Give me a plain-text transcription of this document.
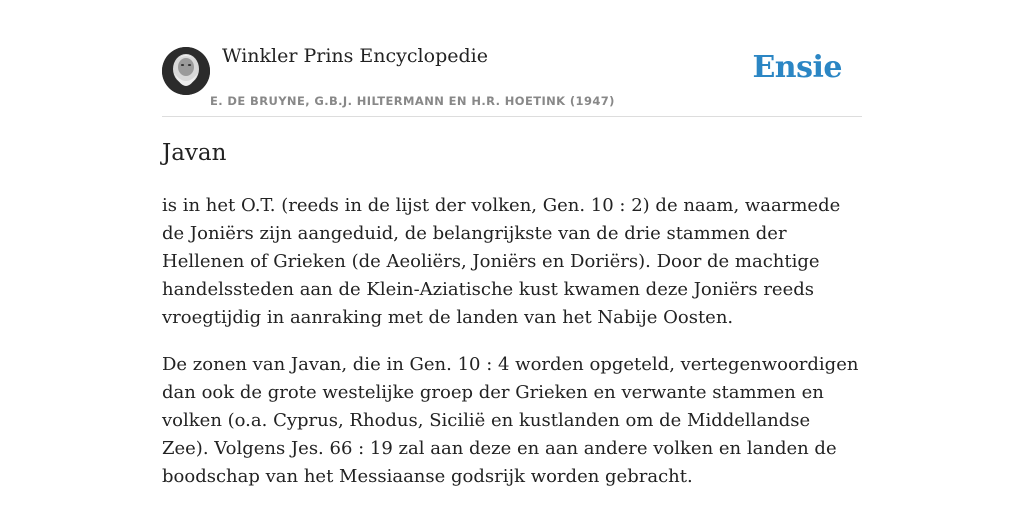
Winkler Prins Encyclopedie
E. DE BRUYNE, G.B.J. HILTERMANN EN H.R. HOETINK (1947)
Ensie
Javan

is in het O.T. (reeds in de lijst der volken, Gen. 10 : 2) de naam, waarmede de Joniërs zijn aangeduid, de belangrijkste van de drie stammen der Hellenen of Grieken (de Aeoliërs, Joniërs en Doriërs). Door de machtige handelssteden aan de Klein-Aziatische kust kwamen deze Joniërs reeds vroegtijdig in aanraking met de landen van het Nabije Oosten.

De zonen van Javan, die in Gen. 10 : 4 worden opgeteld, vertegenwoordigen dan ook de grote westelijke groep der Grieken en verwante stammen en volken (o.a. Cyprus, Rhodus, Sicilië en kustlanden om de Middellandse Zee). Volgens Jes. 66 : 19 zal aan deze en aan andere volken en landen de boodschap van het Messiaanse godsrijk worden gebracht.
